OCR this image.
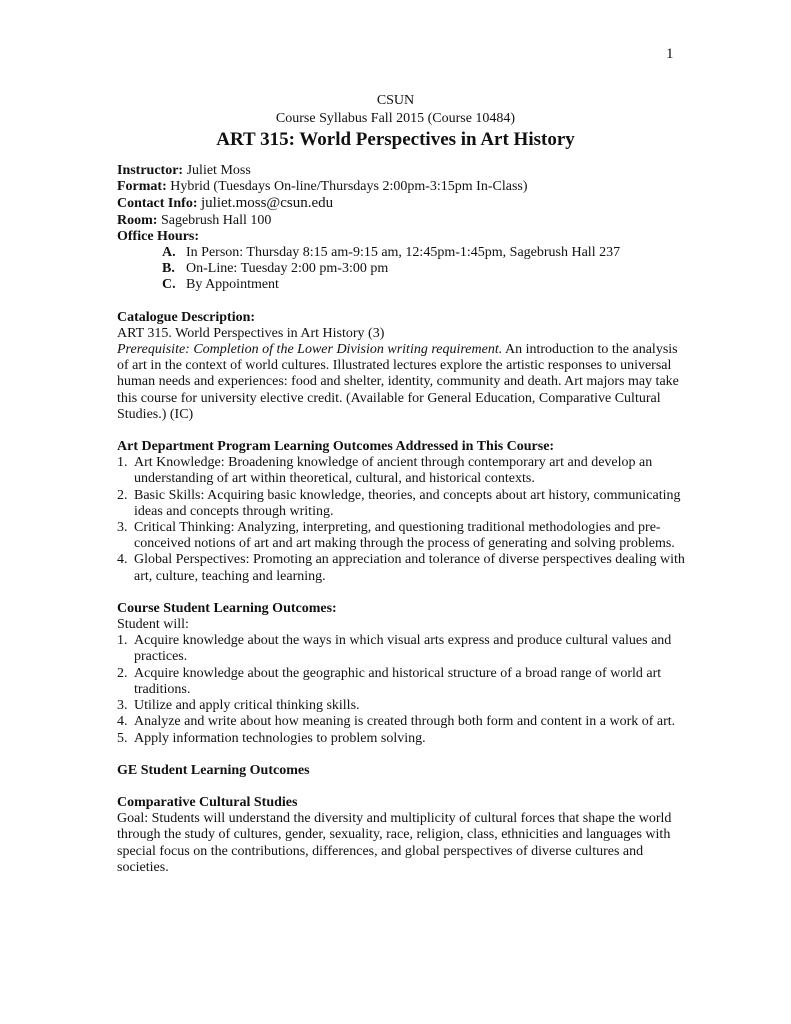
1
CSUN
Course Syllabus Fall 2015 (Course 10484)
ART 315: World Perspectives in Art History

Instructor: Juliet Moss

Format: Hybrid (Tuesdays On-line/Thursdays 2:00pm-3:15pm In-Class)

Contact Info: juliet.moss@csun.edu

Room: Sagebrush Hall 100

Office Hours:

A. In Person: Thursday 8:15 am-9:15 am, 12:45pm-1:45pm, Sagebrush Hall 237
B. On-Line: Tuesday 2:00 pm-3:00 pm
C. By Appointment

Catalogue Description:

ART 315. World Perspectives in Art History (3)

Prerequisite: Completion of the Lower Division writing requirement. An introduction to the analysis of art in the context of world cultures. Illustrated lectures explore the artistic responses to universal human needs and experiences: food and shelter, identity, community and death. Art majors may take this course for university elective credit. (Available for General Education, Comparative Cultural Studies.) (IC)

Art Department Program Learning Outcomes Addressed in This Course:

1. Art Knowledge: Broadening knowledge of ancient through contemporary art and develop an understanding of art within theoretical, cultural, and historical contexts.
2. Basic Skills: Acquiring basic knowledge, theories, and concepts about art history, communicating ideas and concepts through writing.
3. Critical Thinking: Analyzing, interpreting, and questioning traditional methodologies and pre-conceived notions of art and art making through the process of generating and solving problems.
4. Global Perspectives: Promoting an appreciation and tolerance of diverse perspectives dealing with art, culture, teaching and learning.

Course Student Learning Outcomes:

Student will:

1. Acquire knowledge about the ways in which visual arts express and produce cultural values and practices.
2. Acquire knowledge about the geographic and historical structure of a broad range of world art traditions.
3. Utilize and apply critical thinking skills.
4. Analyze and write about how meaning is created through both form and content in a work of art.
5. Apply information technologies to problem solving.

GE Student Learning Outcomes

Comparative Cultural Studies

Goal: Students will understand the diversity and multiplicity of cultural forces that shape the world through the study of cultures, gender, sexuality, race, religion, class, ethnicities and languages with special focus on the contributions, differences, and global perspectives of diverse cultures and societies.
